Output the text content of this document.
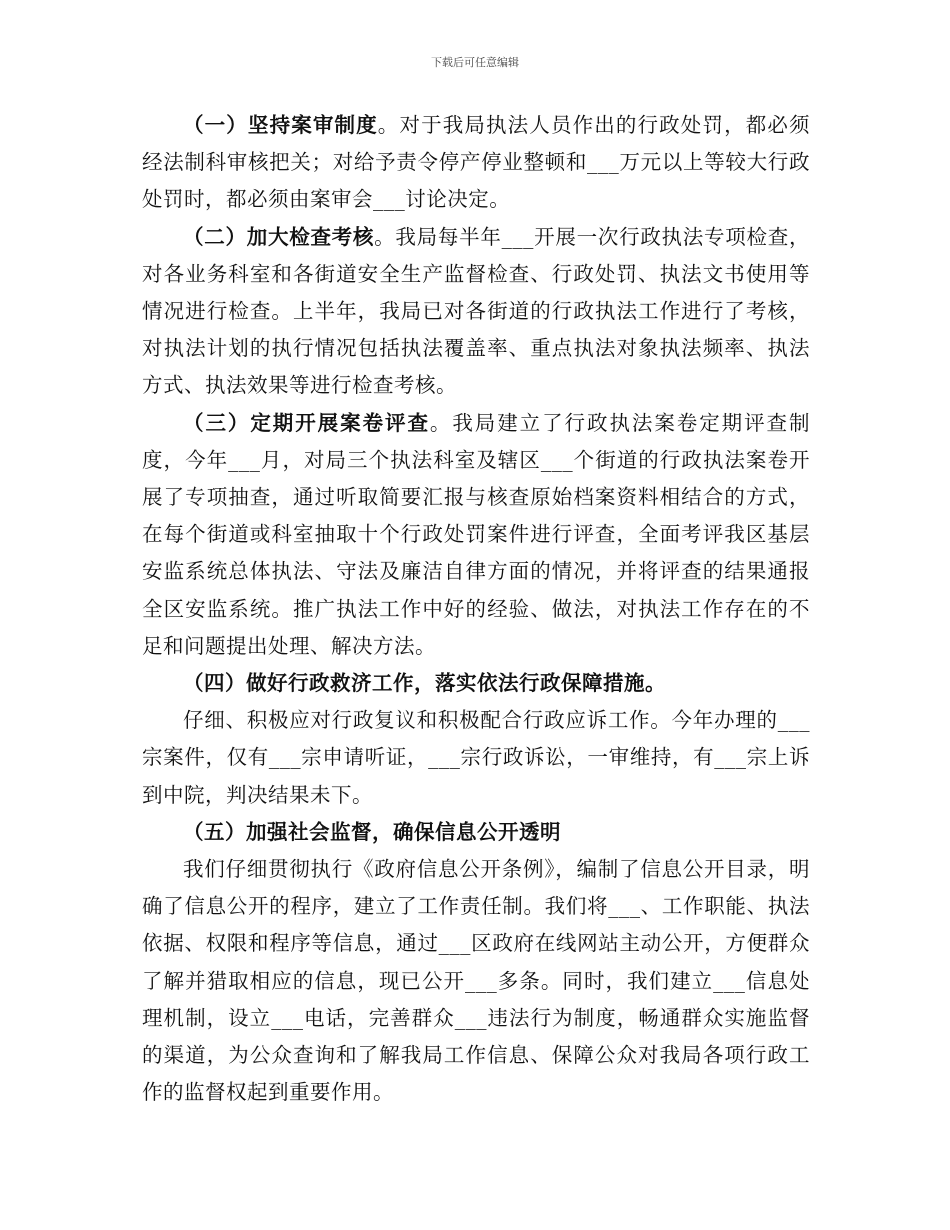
下载后可任意编辑

（一）坚持案审制度。对于我局执法人员作出的行政处罚，都必须经法制科审核把关；对给予责令停产停业整顿和___万元以上等较大行政处罚时，都必须由案审会___讨论决定。

（二）加大检查考核。我局每半年___开展一次行政执法专项检查，对各业务科室和各街道安全生产监督检查、行政处罚、执法文书使用等情况进行检查。上半年，我局已对各街道的行政执法工作进行了考核，对执法计划的执行情况包括执法覆盖率、重点执法对象执法频率、执法方式、执法效果等进行检查考核。

（三）定期开展案卷评查。我局建立了行政执法案卷定期评查制度，今年___月，对局三个执法科室及辖区___个街道的行政执法案卷开展了专项抽查，通过听取简要汇报与核查原始档案资料相结合的方式，在每个街道或科室抽取十个行政处罚案件进行评查，全面考评我区基层安监系统总体执法、守法及廉洁自律方面的情况，并将评查的结果通报全区安监系统。推广执法工作中好的经验、做法，对执法工作存在的不足和问题提出处理、解决方法。

（四）做好行政救济工作，落实依法行政保障措施。

仔细、积极应对行政复议和积极配合行政应诉工作。今年办理的___宗案件，仅有___宗申请听证，___宗行政诉讼，一审维持，有___宗上诉到中院，判决结果未下。

（五）加强社会监督，确保信息公开透明

我们仔细贯彻执行《政府信息公开条例》，编制了信息公开目录，明确了信息公开的程序，建立了工作责任制。我们将___、工作职能、执法依据、权限和程序等信息，通过___区政府在线网站主动公开，方便群众了解并猎取相应的信息，现已公开___多条。同时，我们建立___信息处理机制，设立___电话，完善群众___违法行为制度，畅通群众实施监督的渠道，为公众查询和了解我局工作信息、保障公众对我局各项行政工作的监督权起到重要作用。
